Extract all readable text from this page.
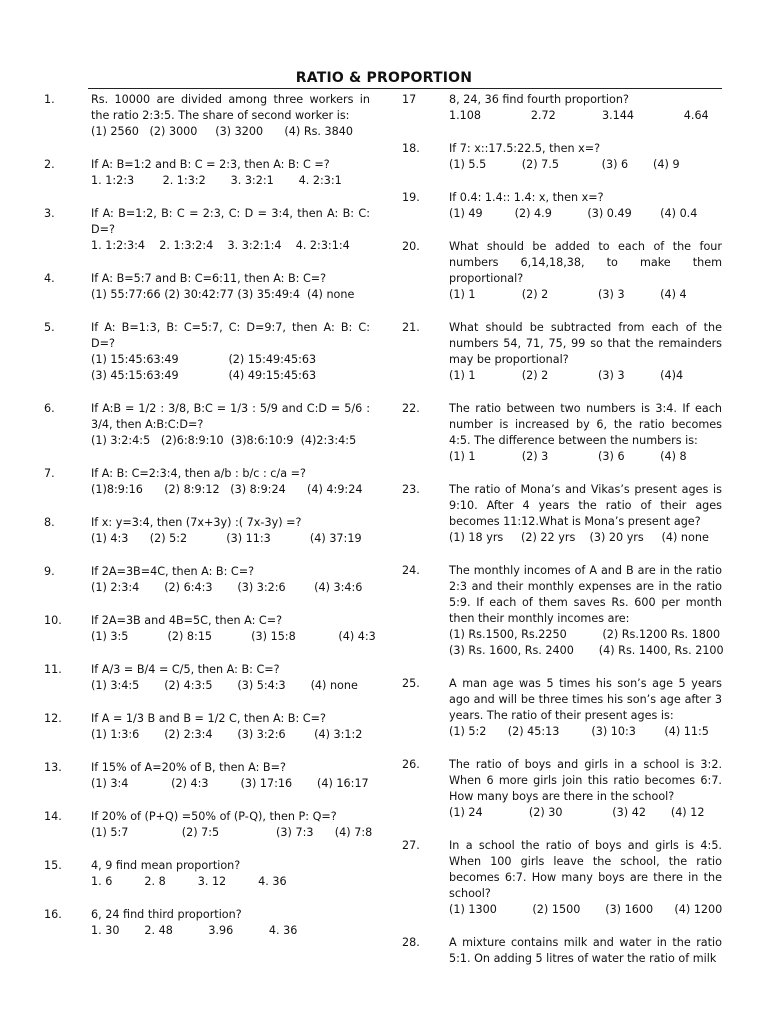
RATIO & PROPORTION
1.	Rs. 10000 are divided among three workers in the ratio 2:3:5. The share of second worker is:
(1) 2560   (2) 3000     (3) 3200      (4) Rs. 3840
2.	If A: B=1:2 and B: C = 2:3, then A: B: C =?
1. 1:2:3        2. 1:3:2       3. 3:2:1       4. 2:3:1
3.	If A: B=1:2, B: C = 2:3, C: D = 3:4, then A: B: C: D=?
1. 1:2:3:4    2. 1:3:2:4    3. 3:2:1:4    4. 2:3:1:4
4.	If A: B=5:7 and B: C=6:11, then A: B: C=?
(1) 55:77:66 (2) 30:42:77 (3) 35:49:4  (4) none
5.	If A: B=1:3, B: C=5:7, C: D=9:7, then A: B: C: D=?
(1) 15:45:63:49              (2) 15:49:45:63
(3) 45:15:63:49              (4) 49:15:45:63
6.	If A:B = 1/2 : 3/8, B:C = 1/3 : 5/9 and C:D = 5/6 : 3/4, then A:B:C:D=?
(1) 3:2:4:5   (2)6:8:9:10  (3)8:6:10:9  (4)2:3:4:5
7.	If A: B: C=2:3:4, then a/b : b/c : c/a =?
(1)8:9:16      (2) 8:9:12   (3) 8:9:24      (4) 4:9:24
8.	If x: y=3:4, then (7x+3y) :( 7x-3y) =?
(1) 4:3      (2) 5:2           (3) 11:3           (4) 37:19
9.	If 2A=3B=4C, then A: B: C=?
(1) 2:3:4       (2) 6:4:3       (3) 3:2:6        (4) 3:4:6
10.	If 2A=3B and 4B=5C, then A: C=?
(1) 3:5           (2) 8:15           (3) 15:8            (4) 4:3
11.	If A/3 = B/4 = C/5, then A: B: C=?
(1) 3:4:5       (2) 4:3:5       (3) 5:4:3       (4) none
12.	If A = 1/3 B and B = 1/2 C, then A: B: C=?
(1) 1:3:6       (2) 2:3:4       (3) 3:2:6        (4) 3:1:2
13.	If 15% of A=20% of B, then A: B=?
(1) 3:4            (2) 4:3         (3) 17:16       (4) 16:17
14.	If 20% of (P+Q) =50% of (P-Q), then P: Q=?
(1) 5:7               (2) 7:5                (3) 7:3      (4) 7:8
15.	4, 9 find mean proportion?
1. 6         2. 8         3. 12         4. 36
16.	6, 24 find third proportion?
1. 30       2. 48          3.96          4. 36
17	8, 24, 36 find fourth proportion?
1.108              2.72             3.144              4.64
18.	If 7: x::17.5:22.5, then x=?
(1) 5.5          (2) 7.5            (3) 6       (4) 9
19.	If 0.4: 1.4:: 1.4: x, then x=?
(1) 49         (2) 4.9          (3) 0.49        (4) 0.4
20.	What should be added to each of the four numbers 6,14,18,38, to make them proportional?
(1) 1             (2) 2              (3) 3          (4) 4
21.	What should be subtracted from each of the numbers 54, 71, 75, 99 so that the remainders may be proportional?
(1) 1             (2) 2              (3) 3          (4)4
22.	The ratio between two numbers is 3:4. If each number is increased by 6, the ratio becomes 4:5. The difference between the numbers is:
(1) 1             (2) 3              (3) 6          (4) 8
23.	The ratio of Mona’s and Vikas’s present ages is 9:10. After 4 years the ratio of their ages becomes 11:12.What is Mona’s present age?
(1) 18 yrs     (2) 22 yrs    (3) 20 yrs     (4) none
24.	The monthly incomes of A and B are in the ratio 2:3 and their monthly expenses are in the ratio 5:9. If each of them saves Rs. 600 per month then their monthly incomes are:
(1) Rs.1500, Rs.2250          (2) Rs.1200 Rs. 1800
(3) Rs. 1600, Rs. 2400       (4) Rs. 1400, Rs. 2100
25.	A man age was 5 times his son’s age 5 years ago and will be three times his son’s age after 3 years. The ratio of their present ages is:
(1) 5:2      (2) 45:13         (3) 10:3        (4) 11:5
26.	The ratio of boys and girls in a school is 3:2. When 6 more girls join this ratio becomes 6:7. How many boys are there in the school?
(1) 24             (2) 30              (3) 42       (4) 12
27.	In a school the ratio of boys and girls is 4:5. When 100 girls leave the school, the ratio becomes 6:7. How many boys are there in the school?
(1) 1300          (2) 1500       (3) 1600      (4) 1200
28.	A mixture contains milk and water in the ratio 5:1. On adding 5 litres of water the ratio of milk
